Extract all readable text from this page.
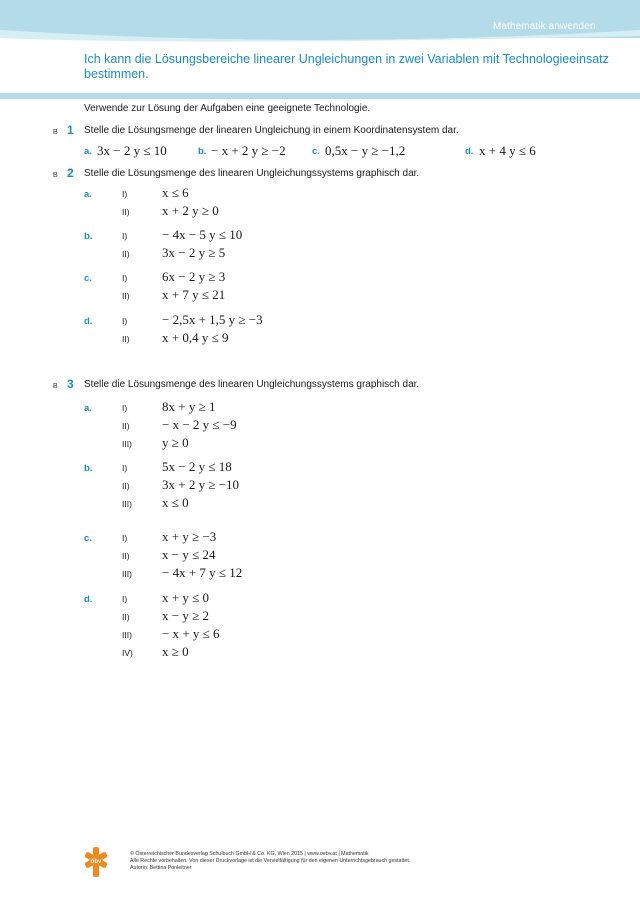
Mathematik anwenden
Ich kann die Lösungsbereiche linearer Ungleichungen in zwei Variablen mit Technologieeinsatz bestimmen.
Verwende zur Lösung der Aufgaben eine geeignete Technologie.
B 1 Stelle die Lösungsmenge der linearen Ungleichung in einem Koordinatensystem dar.
a. 3x − 2 y ≤ 10	b. − x + 2 y ≥ −2	c. 0,5x − y ≥ −1,2	d. x + 4 y ≤ 6
B 2 Stelle die Lösungsmenge des linearen Ungleichungssystems graphisch dar.
a.	I)	x ≤ 6
II) x + 2 y ≥ 0
b.	I)	− 4x − 5 y ≤ 10
II) 3x − 2 y ≥ 5
c.	I)	6x − 2 y ≥ 3
II) x + 7 y ≤ 21
d.	I)	− 2,5x + 1,5 y ≥ −3
II) x + 0,4 y ≤ 9
B 3 Stelle die Lösungsmenge des linearen Ungleichungssystems graphisch dar.
a.	I)	8x + y ≥ 1
II) − x − 2 y ≤ −9
III) y ≥ 0
b.	I)	5x − 2 y ≤ 18
II) 3x + 2 y ≥ −10
III) x ≤ 0
c.	I)	x + y ≥ −3
II) x − y ≤ 24
III) − 4x + 7 y ≤ 12
d.	I)	x + y ≤ 0
II) x − y ≥ 2
III) − x + y ≤ 6
IV) x ≥ 0
öbv
© Österreichischer Bundesverlag Schulbuch GmbH & Co. KG, Wien 2015 | www.oebv.at | Mathematik
Alle Rechte vorbehalten. Von dieser Druckvorlage ist die Vervielfältigung für den eigenen Unterrichtsgebrauch gestattet.
Autorin: Bettina Ponleitner
